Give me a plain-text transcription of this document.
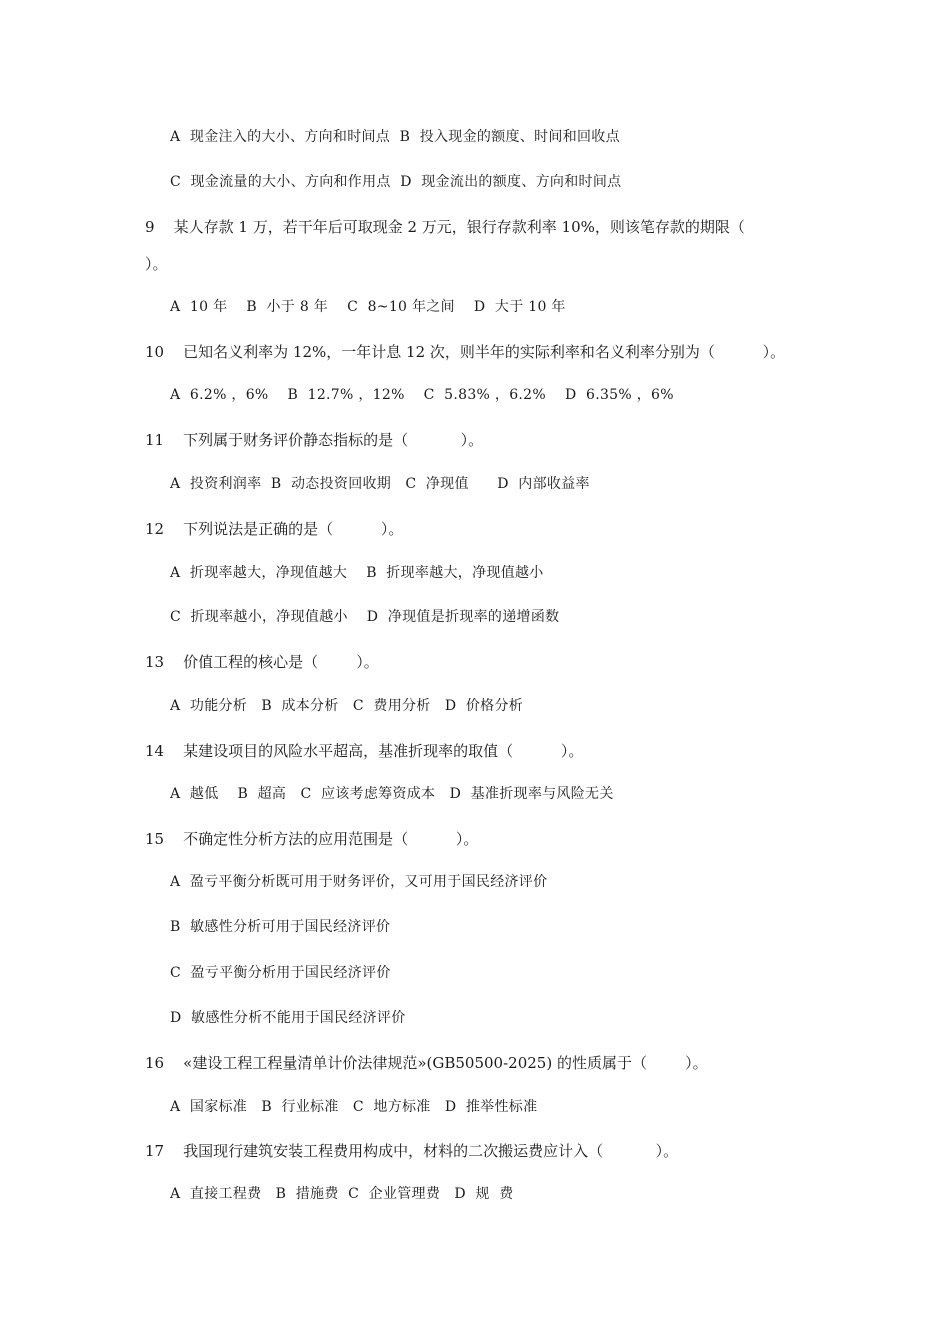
A  现金注入的大小、方向和时间点  B  投入现金的额度、时间和回收点
C  现金流量的大小、方向和作用点  D  现金流出的额度、方向和时间点
9    某人存款 1 万，若干年后可取现金 2 万元，银行存款利率 10%，则该笔存款的期限（
）。
A  10 年    B  小于 8 年    C  8~10 年之间    D  大于 10 年
10    已知名义利率为 12%，一年计息 12 次，则半年的实际利率和名义利率分别为（          ）。
A  6.2% ，6%    B  12.7% ，12%    C  5.83% ，6.2%    D  6.35% ，6%
11    下列属于财务评价静态指标的是（           ）。
A  投资利润率  B  动态投资回收期   C  净现值      D  内部收益率
12    下列说法是正确的是（          ）。
A  折现率越大，净现值越大    B  折现率越大，净现值越小
C  折现率越小，净现值越小    D  净现值是折现率的递增函数
13    价值工程的核心是（        ）。
A  功能分析   B  成本分析   C  费用分析   D  价格分析
14    某建设项目的风险水平超高，基准折现率的取值（          ）。
A  越低    B  超高   C  应该考虑筹资成本   D  基准折现率与风险无关
15    不确定性分析方法的应用范围是（          ）。
A  盈亏平衡分析既可用于财务评价，又可用于国民经济评价
B  敏感性分析可用于国民经济评价
C  盈亏平衡分析用于国民经济评价
D  敏感性分析不能用于国民经济评价
16    «建设工程工程量清单计价法律规范»(GB50500-2025) 的性质属于（        ）。
A  国家标准   B  行业标准   C  地方标准   D  推举性标准
17    我国现行建筑安装工程费用构成中，材料的二次搬运费应计入（           ）。
A  直接工程费   B  措施费  C  企业管理费   D  规  费
